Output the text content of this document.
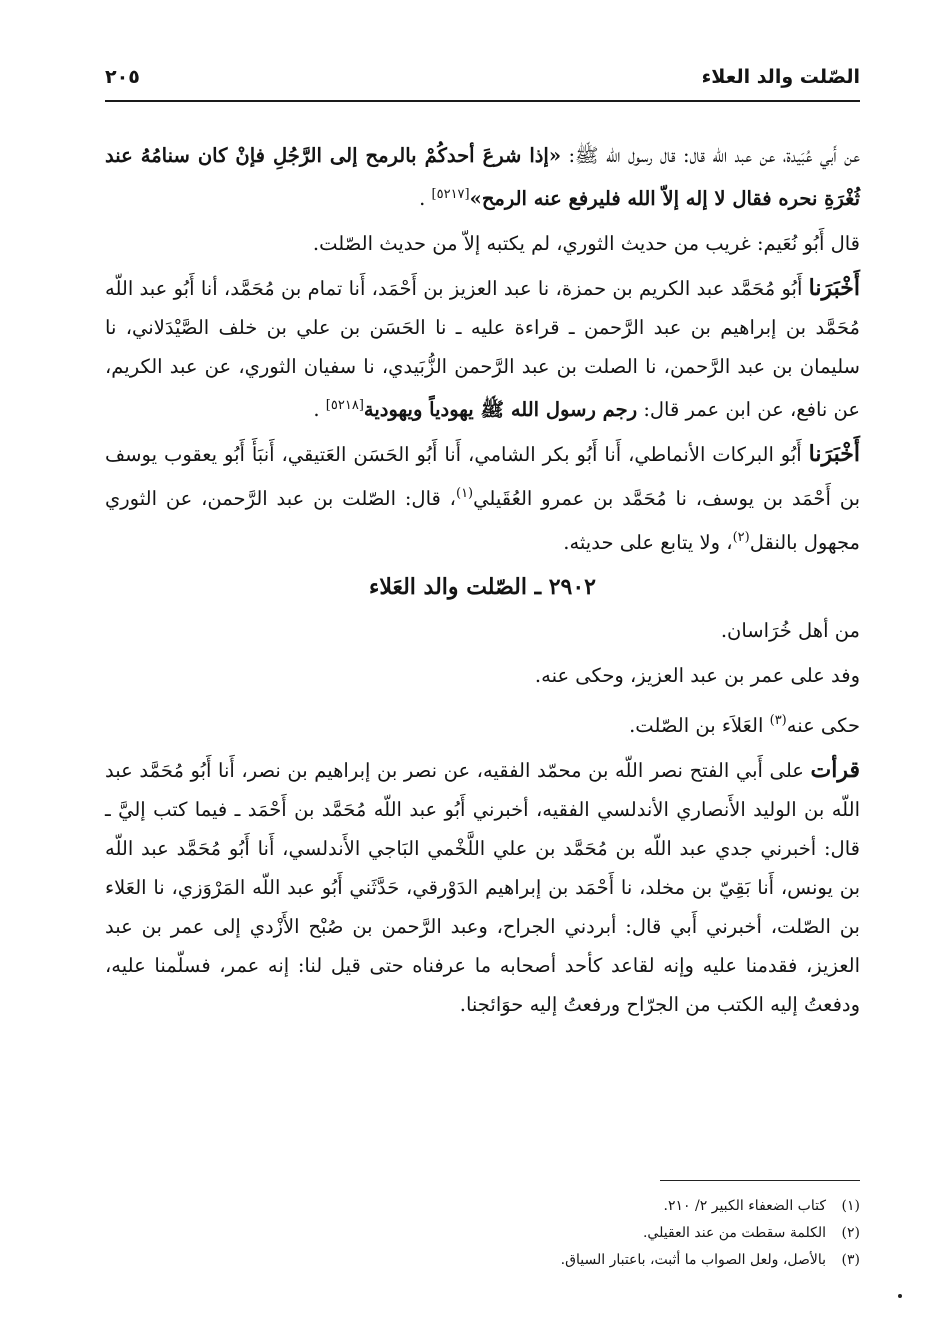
الصّلت والد العلاء
٢٠٥

عن أَبي عُبَيدة، عن عبد اللّه قال: قال رسول الله ﷺ: «إذا شرعَ أحدكُمْ بالرمح إلى الرَّجُلِ فإنْ كان سنامُهُ عند ثُغْرَةِ نحره فقال لا إله إلاّ الله فليرفع عنه الرمح»[٥٢١٧] .

قال أَبُو نُعَيم: غريب من حديث الثوري، لم يكتبه إلاّ من حديث الصّلت.

أَخْبَرَنا أَبُو مُحَمَّد عبد الكريم بن حمزة، نا عبد العزيز بن أَحْمَد، أَنا تمام بن مُحَمَّد، أنا أَبُو عبد اللّه مُحَمَّد بن إبراهيم بن عبد الرَّحمن ـ قراءة عليه ـ نا الحَسَن بن علي بن خلف الصَّيْدَلاني، نا سليمان بن عبد الرَّحمن، نا الصلت بن عبد الرَّحمن الزُّبَيدي، نا سفيان الثوري، عن عبد الكريم، عن نافع، عن ابن عمر قال: رجم رسول الله ﷺ يهودياً ويهودية[٥٢١٨] .

أَخْبَرَنا أَبُو البركات الأنماطي، أَنا أَبُو بكر الشامي، أَنا أَبُو الحَسَن العَتيقي، أَنبَأَ أَبُو يعقوب يوسف بن أَحْمَد بن يوسف، نا مُحَمَّد بن عمرو العُقَيلي$^{(١)}$، قال: الصّلت بن عبد الرَّحمن، عن الثوري مجهول بالنقل$^{(٢)}$، ولا يتابع على حديثه.

٢٩٠٢ ـ الصّلت والد العَلاء

من أهل خُرَاسان.

وفد على عمر بن عبد العزيز، وحكى عنه.

حكى عنه$^{(٣)}$ العَلاَء بن الصّلت.

قرأت على أَبي الفتح نصر اللّه بن محمّد الفقيه، عن نصر بن إبراهيم بن نصر، أَنا أَبُو مُحَمَّد عبد اللّه بن الوليد الأَنصاري الأندلسي الفقيه، أخبرني أَبُو عبد اللّه مُحَمَّد بن أَحْمَد ـ فيما كتب إليَّ ـ قال: أخبرني جدي عبد اللّه بن مُحَمَّد بن علي اللَّخْمي البَاجي الأَندلسي، أَنا أَبُو مُحَمَّد عبد اللّه بن يونس، أَنا بَقِيّ بن مخلد، نا أَحْمَد بن إبراهيم الدَوْرقي، حَدَّثَني أَبُو عبد اللّه المَرْوَزي، نا العَلاء بن الصّلت، أخبرني أَبي قال: أبردني الجراح، وعبد الرَّحمن بن صُبْح الأَزْدي إلى عمر بن عبد العزيز، فقدمنا عليه وإنه لقاعد كأحد أصحابه ما عرفناه حتى قيل لنا: إنه عمر، فسلّمنا عليه، ودفعتُ إليه الكتب من الجرّاح ورفعتُ إليه حوَائجنا.

(١)كتاب الضعفاء الكبير ٢/ ٢١٠.
(٢)الكلمة سقطت من عند العقيلي.
(٣)بالأصل، ولعل الصواب ما أثبت، باعتبار السياق.
